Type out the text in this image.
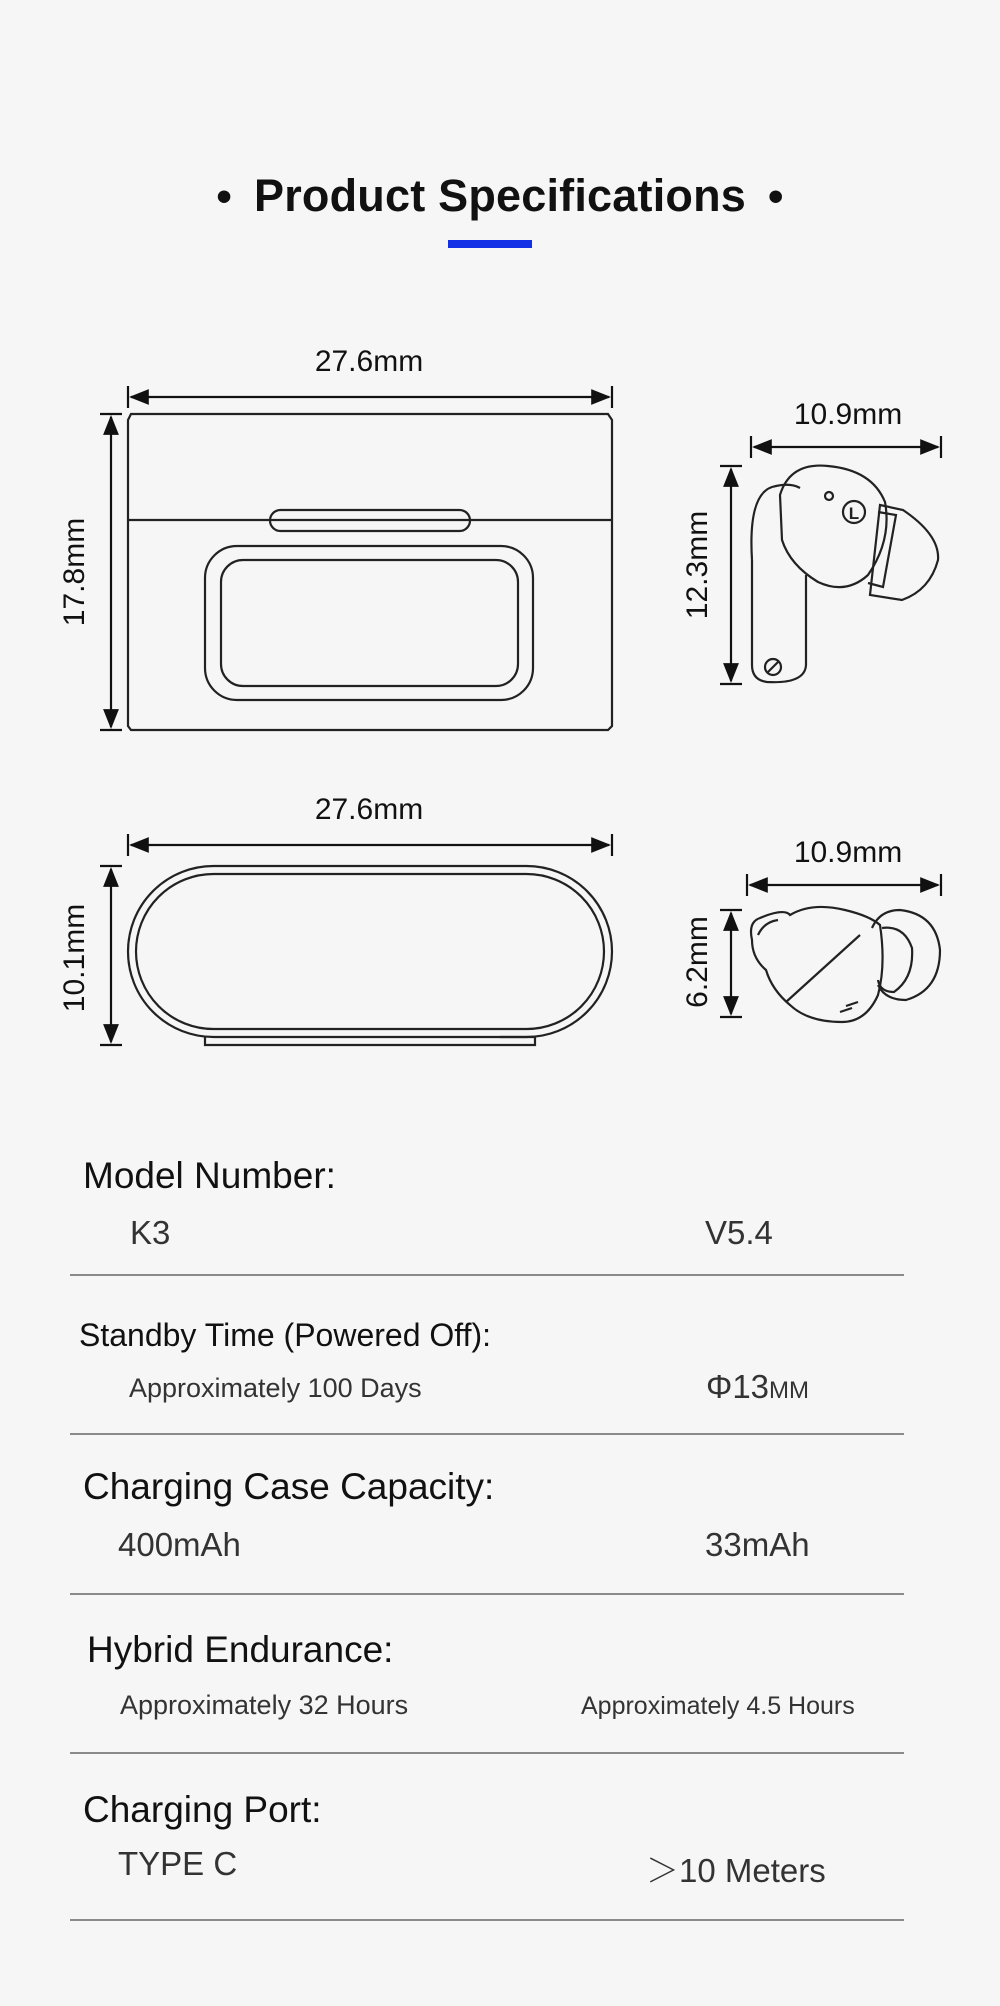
• Product Specifications •
27.6mm
17.8mm
L
10.9mm
12.3mm
27.6mm
10.1mm
10.9mm
6.2mm
Model Number:
K3	V5.4
Standby Time (Powered Off):
Approximately 100 Days	Φ13MM
Charging Case Capacity:
400mAh	33mAh
Hybrid Endurance:
Approximately 32 Hours	Approximately 4.5 Hours
Charging Port:
TYPE C	＞10 Meters
